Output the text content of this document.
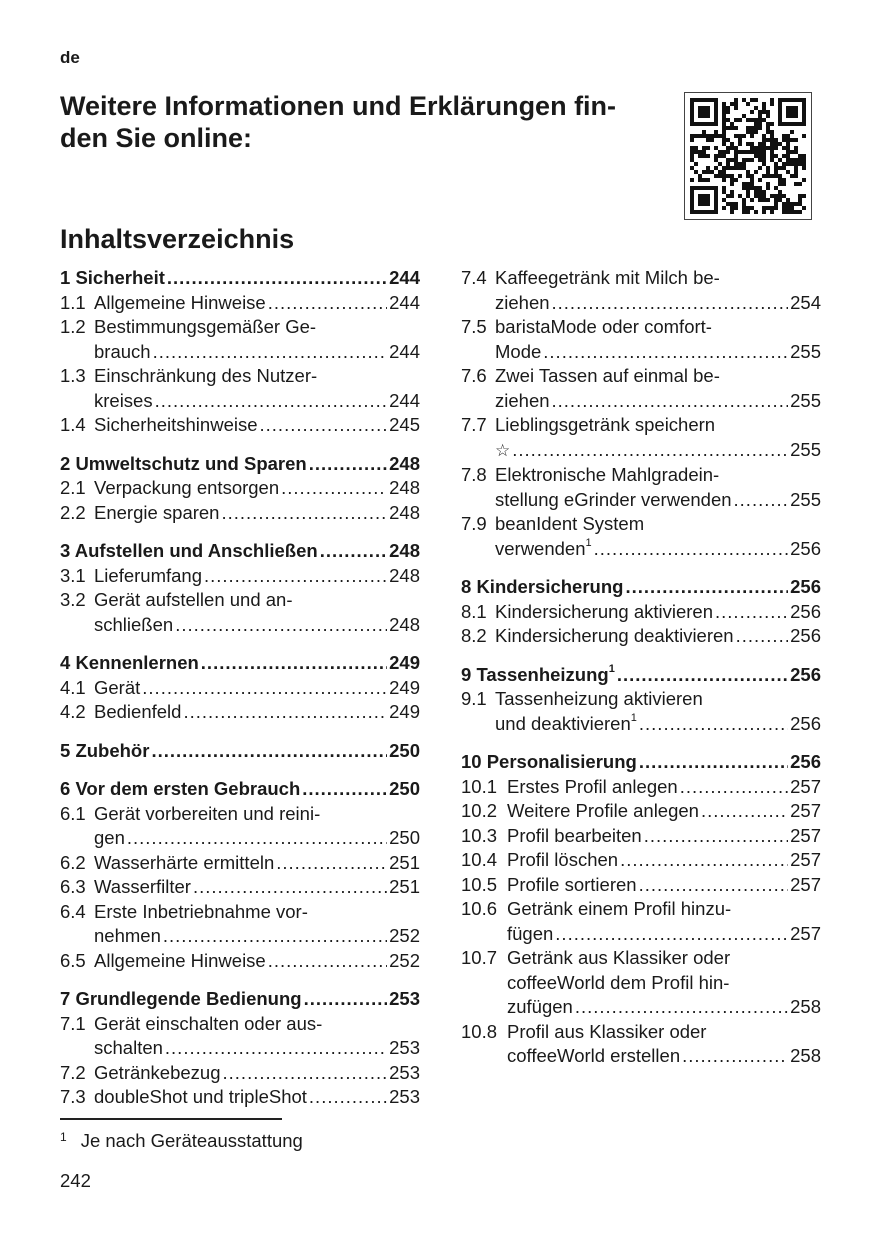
de
Weitere Informationen und Erklärungen fin-
den Sie online:
Inhaltsverzeichnis
1 Sicherheit .....	244
1.1 Allgemeine Hinweise .....	244
1.2 Bestimmungsgemäßer Ge-
brauch .....	244
1.3 Einschränkung des Nutzer-
kreises .....	244
1.4 Sicherheitshinweise .....	245
2 Umweltschutz und Sparen .....	248
2.1 Verpackung entsorgen .....	248
2.2 Energie sparen .....	248
3 Aufstellen und Anschließen .....	248
3.1 Lieferumfang .....	248
3.2 Gerät aufstellen und an-
schließen .....	248
4 Kennenlernen .....	249
4.1 Gerät .....	249
4.2 Bedienfeld .....	249
5 Zubehör .....	250
6 Vor dem ersten Gebrauch .....	250
6.1 Gerät vorbereiten und reini-
gen .....	250
6.2 Wasserhärte ermitteln .....	251
6.3 Wasserfilter .....	251
6.4 Erste Inbetriebnahme vor-
nehmen .....	252
6.5 Allgemeine Hinweise .....	252
7 Grundlegende Bedienung .....	253
7.1 Gerät einschalten oder aus-
schalten .....	253
7.2 Getränkebezug .....	253
7.3 doubleShot und tripleShot .....	253
7.4 Kaffeegetränk mit Milch be-
ziehen .....	254
7.5 baristaMode oder comfort-
Mode .....	255
7.6 Zwei Tassen auf einmal be-
ziehen .....	255
7.7 Lieblingsgetränk speichern
☆ .....	255
7.8 Elektronische Mahlgradein-
stellung eGrinder verwenden .....	255
7.9 beanIdent System
verwenden$^1$ .....	256
8 Kindersicherung .....	256
8.1 Kindersicherung aktivieren .....	256
8.2 Kindersicherung deaktivieren .....	256
9 Tassenheizung$^1$ .....	256
9.1 Tassenheizung aktivieren
und deaktivieren$^1$ .....	256
10 Personalisierung .....	256
10.1 Erstes Profil anlegen .....	257
10.2 Weitere Profile anlegen .....	257
10.3 Profil bearbeiten .....	257
10.4 Profil löschen .....	257
10.5 Profile sortieren .....	257
10.6 Getränk einem Profil hinzu-
fügen .....	257
10.7 Getränk aus Klassiker oder
coffeeWorld dem Profil hin-
zufügen .....	258
10.8 Profil aus Klassiker oder
coffeeWorld erstellen .....	258
$^1$ Je nach Geräteausstattung
242
